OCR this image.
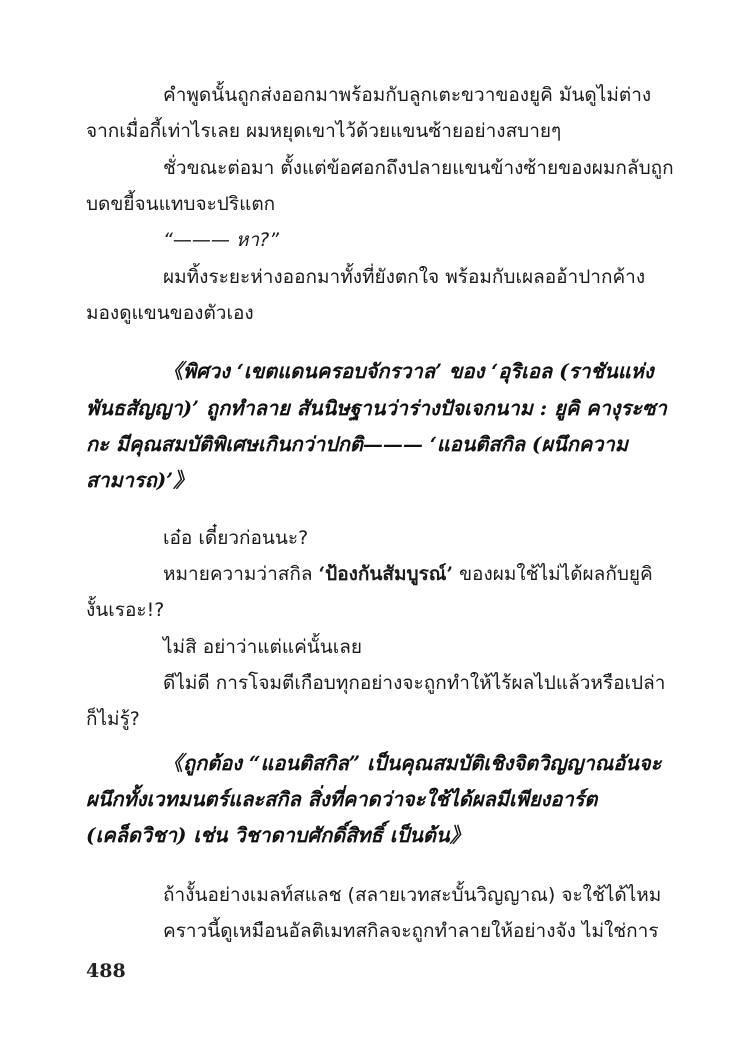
คำพูดนั้นถูกส่งออกมาพร้อมกับลูกเตะขวาของยูคิ มันดูไม่ต่าง
จากเมื่อกี้เท่าไรเลย ผมหยุดเขาไว้ด้วยแขนซ้ายอย่างสบายๆ
ชั่วขณะต่อมา ตั้งแต่ข้อศอกถึงปลายแขนข้างซ้ายของผมกลับถูก
บดขยี้จนแทบจะปริแตก
“——— หา?”
ผมทิ้งระยะห่างออกมาทั้งที่ยังตกใจ พร้อมกับเผลออ้าปากค้าง
มองดูแขนของตัวเอง
《พิศวง ‘เขตแดนครอบจักรวาล’ ของ ‘อุริเอล (ราชันแห่ง
พันธสัญญา)’ ถูกทำลาย สันนิษฐานว่าร่างปัจเจกนาม : ยูคิ คางุระซา
กะ มีคุณสมบัติพิเศษเกินกว่าปกติ——— ‘แอนติสกิล (ผนึกความ
สามารถ)’》
เอ๋อ เดี๋ยวก่อนนะ?
หมายความว่าสกิล ‘ป้องกันสัมบูรณ์’ ของผมใช้ไม่ได้ผลกับยูคิ
งั้นเรอะ!?
ไม่สิ อย่าว่าแต่แค่นั้นเลย
ดีไม่ดี การโจมตีเกือบทุกอย่างจะถูกทำให้ไร้ผลไปแล้วหรือเปล่า
ก็ไม่รู้?
《ถูกต้อง “แอนติสกิล” เป็นคุณสมบัติเชิงจิตวิญญาณอันจะ
ผนึกทั้งเวทมนตร์และสกิล สิ่งที่คาดว่าจะใช้ได้ผลมีเพียงอาร์ต
(เคล็ดวิชา) เช่น วิชาดาบศักดิ์สิทธิ์ เป็นต้น》
ถ้างั้นอย่างเมลท์สแลช (สลายเวทสะบั้นวิญญาณ) จะใช้ได้ไหม
คราวนี้ดูเหมือนอัลติเมทสกิลจะถูกทำลายให้อย่างจัง ไม่ใช่การ
488
